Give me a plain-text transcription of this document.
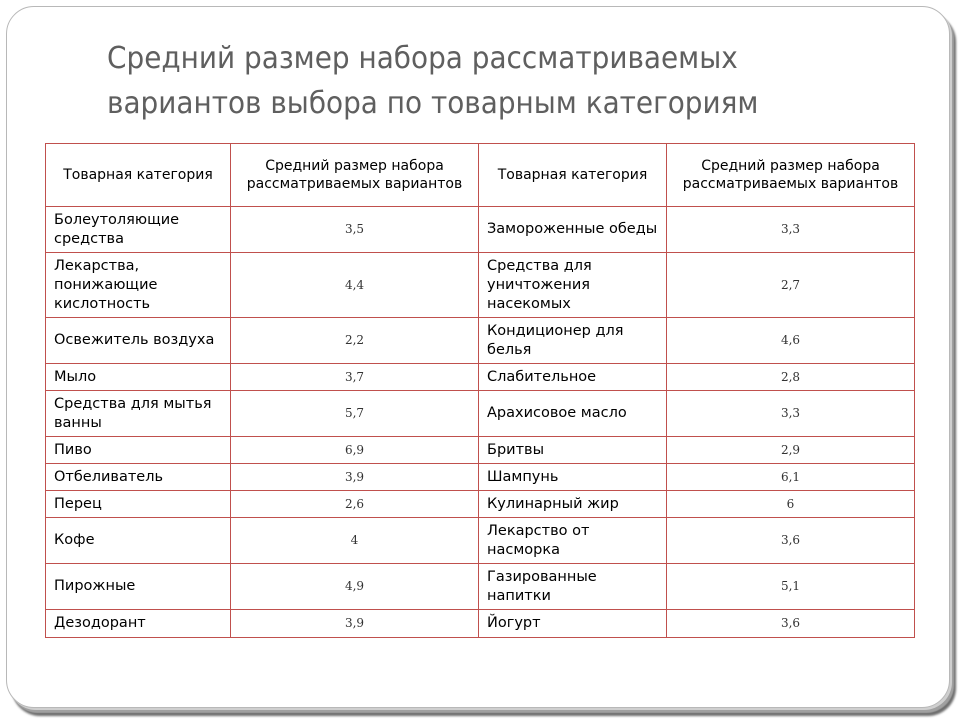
Средний размер набора рассматриваемых
вариантов выбора по товарным категориям
Товарная категория	Средний размер набора рассматриваемых вариантов	Товарная категория	Средний размер набора рассматриваемых вариантов
Болеутоляющие средства	3,5	Замороженные обеды	3,3
Лекарства, понижающие кислотность	4,4	Средства для уничтожения насекомых	2,7
Освежитель воздуха	2,2	Кондиционер для белья	4,6
Мыло	3,7	Слабительное	2,8
Средства для мытья ванны	5,7	Арахисовое масло	3,3
Пиво	6,9	Бритвы	2,9
Отбеливатель	3,9	Шампунь	6,1
Перец	2,6	Кулинарный жир	6
Кофе	4	Лекарство от насморка	3,6
Пирожные	4,9	Газированные напитки	5,1
Дезодорант	3,9	Йогурт	3,6
